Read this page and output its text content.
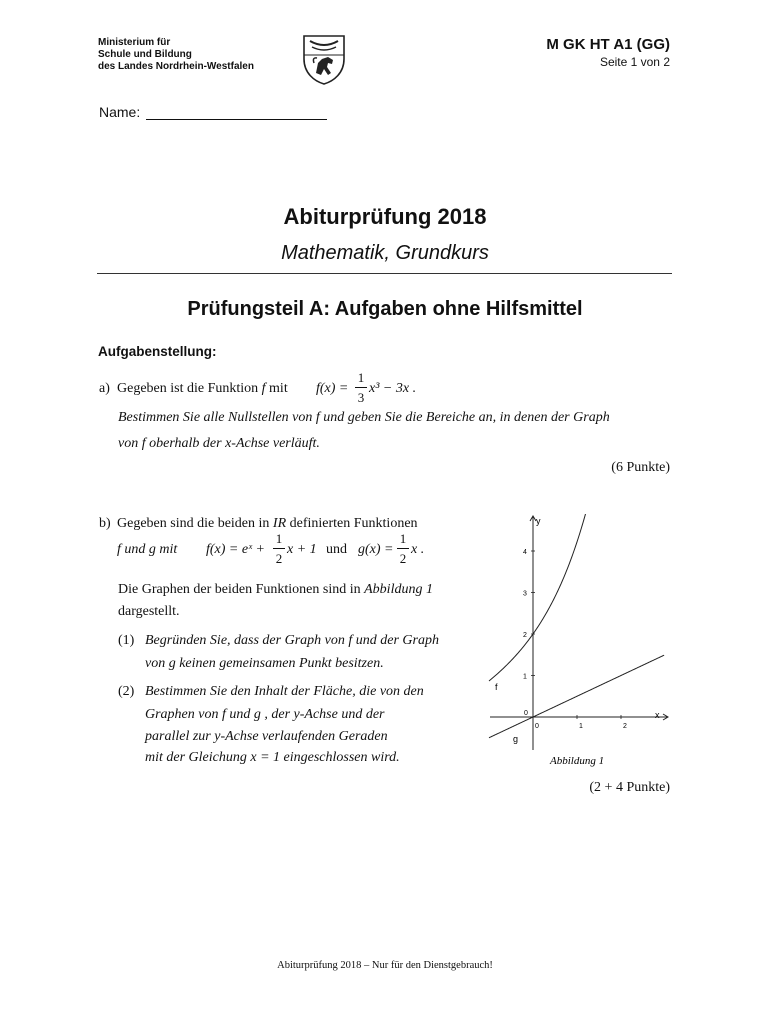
Ministerium für
Schule und Bildung
des Landes Nordrhein-Westfalen
M GK HT A1 (GG)
Seite 1 von 2
Name:
Abiturprüfung 2018
Mathematik, Grundkurs
Prüfungsteil A: Aufgaben ohne Hilfsmittel
Aufgabenstellung:
a) Gegeben ist die Funktion f mit f(x) =
1
3
x³ − 3x .
Bestimmen Sie alle Nullstellen von f und geben Sie die Bereiche an, in denen der Graph
von f oberhalb der x-Achse verläuft.
(6 Punkte)
b) Gegeben sind die beiden in IR definierten Funktionen
f und g mit f(x) = eˣ +
1
2
x + 1 und g(x) =
1
2
x .
Die Graphen der beiden Funktionen sind in Abbildung 1
dargestellt.
(1) Begründen Sie, dass der Graph von f und der Graph
von g keinen gemeinsamen Punkt besitzen.
(2) Bestimmen Sie den Inhalt der Fläche, die von den
Graphen von f und g , der y-Achse und der
parallel zur y-Achse verlaufenden Geraden
mit der Gleichung x = 1 eingeschlossen wird.
0	1	2
1
2
3
4
0
f
g
x
y
Abbildung 1
(2 + 4 Punkte)
Abiturprüfung 2018 – Nur für den Dienstgebrauch!
